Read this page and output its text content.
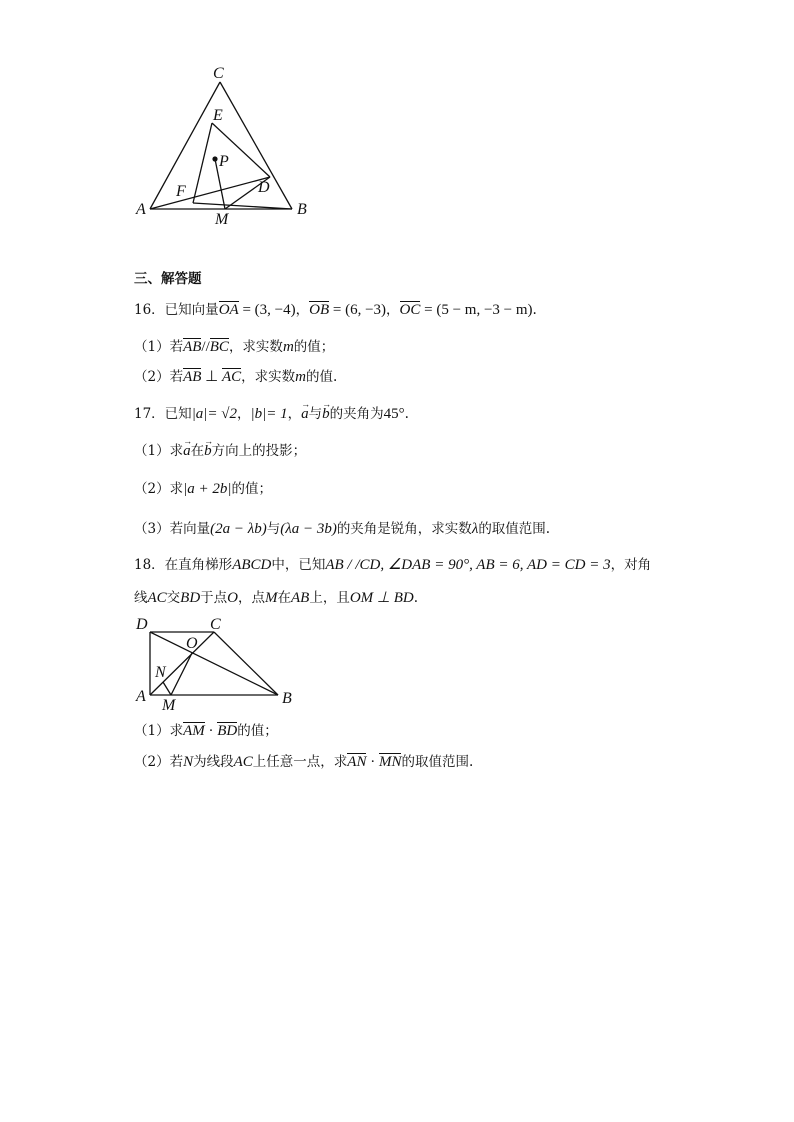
C
E
P
D
F
A
M
B
三、解答题
16．已知向量OA = (3, −4)，OB = (6, −3)，OC = (5 − m, −3 − m).
（1）若AB//BC，求实数m的值；
（2）若AB ⊥ AC，求实数m的值.
17．已知|a|= √2，|b|= 1，→ a与→ b的夹角为45°.
（1）求→ a在→ b方向上的投影；
（2）求|a + 2b|的值；
（3）若向量(2a − λb)与(λa − 3b)的夹角是锐角，求实数λ的取值范围.
18．在直角梯形ABCD中，已知AB / /CD, ∠DAB = 90°, AB = 6, AD = CD = 3，对角
线AC交BD于点O，点M在AB上，且OM ⊥ BD.
D	C
O
N
A
M	B
（1）求AM · BD的值；
（2）若N为线段AC上任意一点，求AN · MN的取值范围.
